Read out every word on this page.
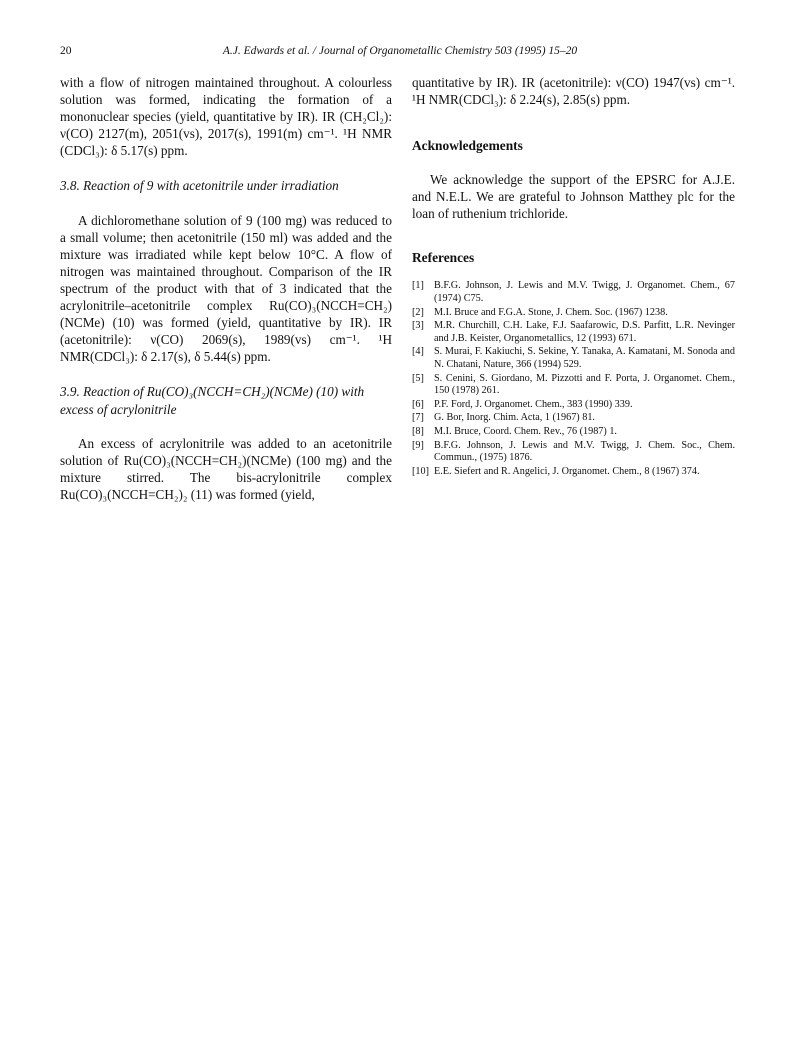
20	A.J. Edwards et al. / Journal of Organometallic Chemistry 503 (1995) 15–20

with a flow of nitrogen maintained throughout. A colourless solution was formed, indicating the formation of a mononuclear species (yield, quantitative by IR). IR (CH₂Cl₂): ν(CO) 2127(m), 2051(vs), 2017(s), 1991(m) cm⁻¹. ¹H NMR (CDCl₃): δ 5.17(s) ppm.

3.8. Reaction of 9 with acetonitrile under irradiation

A dichloromethane solution of 9 (100 mg) was reduced to a small volume; then acetonitrile (150 ml) was added and the mixture was irradiated while kept below 10°C. A flow of nitrogen was maintained throughout. Comparison of the IR spectrum of the product with that of 3 indicated that the acrylonitrile–acetonitrile complex Ru(CO)₃(NCCH=CH₂)(NCMe) (10) was formed (yield, quantitative by IR). IR (acetonitrile): ν(CO) 2069(s), 1989(vs) cm⁻¹. ¹H NMR(CDCl₃): δ 2.17(s), δ 5.44(s) ppm.

3.9. Reaction of Ru(CO)₃(NCCH=CH₂)(NCMe) (10) with excess of acrylonitrile

An excess of acrylonitrile was added to an acetonitrile solution of Ru(CO)₃(NCCH=CH₂)(NCMe) (100 mg) and the mixture stirred. The bis-acrylonitrile complex Ru(CO)₃(NCCH=CH₂)₂ (11) was formed (yield,

quantitative by IR). IR (acetonitrile): ν(CO) 1947(vs) cm⁻¹. ¹H NMR(CDCl₃): δ 2.24(s), 2.85(s) ppm.

Acknowledgements

We acknowledge the support of the EPSRC for A.J.E. and N.E.L. We are grateful to Johnson Matthey plc for the loan of ruthenium trichloride.

References

[1] B.F.G. Johnson, J. Lewis and M.V. Twigg, J. Organomet. Chem., 67 (1974) C75.
[2] M.I. Bruce and F.G.A. Stone, J. Chem. Soc. (1967) 1238.
[3] M.R. Churchill, C.H. Lake, F.J. Saafarowic, D.S. Parfitt, L.R. Nevinger and J.B. Keister, Organometallics, 12 (1993) 671.
[4] S. Murai, F. Kakiuchi, S. Sekine, Y. Tanaka, A. Kamatani, M. Sonoda and N. Chatani, Nature, 366 (1994) 529.
[5] S. Cenini, S. Giordano, M. Pizzotti and F. Porta, J. Organomet. Chem., 150 (1978) 261.
[6] P.F. Ford, J. Organomet. Chem., 383 (1990) 339.
[7] G. Bor, Inorg. Chim. Acta, 1 (1967) 81.
[8] M.I. Bruce, Coord. Chem. Rev., 76 (1987) 1.
[9] B.F.G. Johnson, J. Lewis and M.V. Twigg, J. Chem. Soc., Chem. Commun., (1975) 1876.
[10] E.E. Siefert and R. Angelici, J. Organomet. Chem., 8 (1967) 374.
